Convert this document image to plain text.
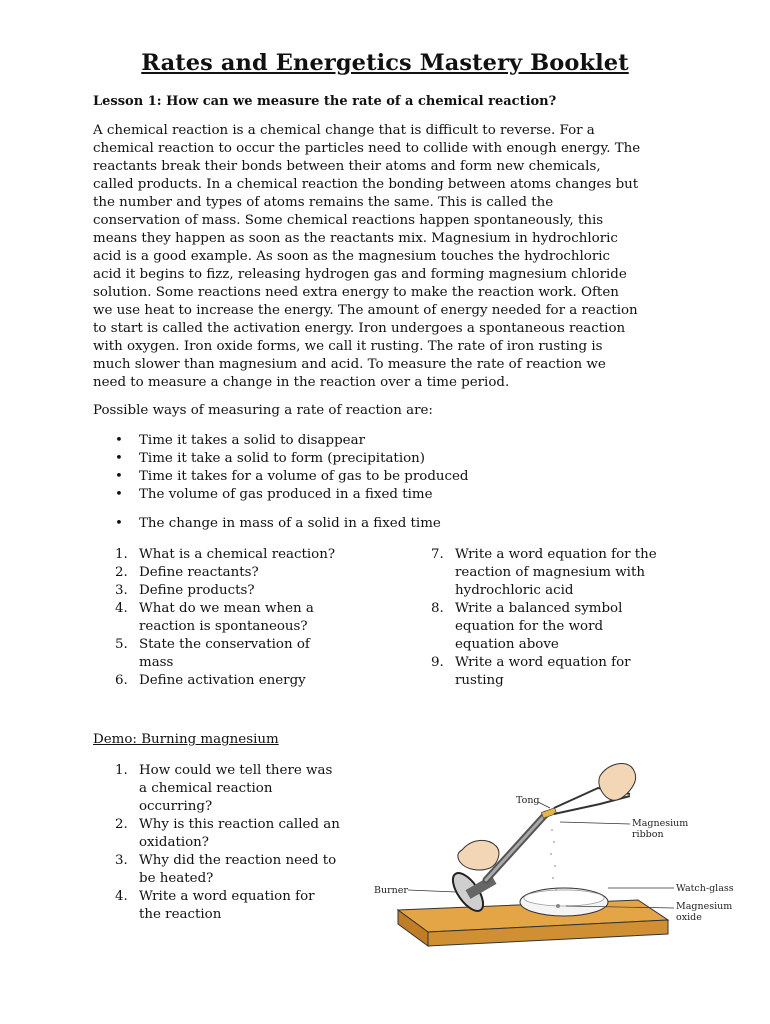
Rates and Energetics Mastery Booklet
Lesson 1: How can we measure the rate of a chemical reaction?
A chemical reaction is a chemical change that is difficult to reverse. For a
chemical reaction to occur the particles need to collide with enough energy. The
reactants break their bonds between their atoms and form new chemicals,
called products. In a chemical reaction the bonding between atoms changes but
the number and types of atoms remains the same. This is called the
conservation of mass. Some chemical reactions happen spontaneously, this
means they happen as soon as the reactants mix. Magnesium in hydrochloric
acid is a good example. As soon as the magnesium touches the hydrochloric
acid it begins to fizz, releasing hydrogen gas and forming magnesium chloride
solution. Some reactions need extra energy to make the reaction work. Often
we use heat to increase the energy. The amount of energy needed for a reaction
to start is called the activation energy. Iron undergoes a spontaneous reaction
with oxygen. Iron oxide forms, we call it rusting. The rate of iron rusting is
much slower than magnesium and acid. To measure the rate of reaction we
need to measure a change in the reaction over a time period.
Possible ways of measuring a rate of reaction are:
• Time it takes a solid to disappear
• Time it take a solid to form (precipitation)
• Time it takes for a volume of gas to be produced
• The volume of gas produced in a fixed time
• The change in mass of a solid in a fixed time
1. What is a chemical reaction?
2. Define reactants?
3. Define products?
4. What do we mean when a
reaction is spontaneous?
5. State the conservation of
mass
6. Define activation energy
7. Write a word equation for the
reaction of magnesium with
hydrochloric acid
8. Write a balanced symbol
equation for the word
equation above
9. Write a word equation for
rusting
Demo: Burning magnesium
1. How could we tell there was
a chemical reaction
occurring?
2. Why is this reaction called an
oxidation?
3. Why did the reaction need to
be heated?
4. Write a word equation for
the reaction
Tong
Magnesium
ribbon
Burner	Watch-glass
Magnesium
oxide
